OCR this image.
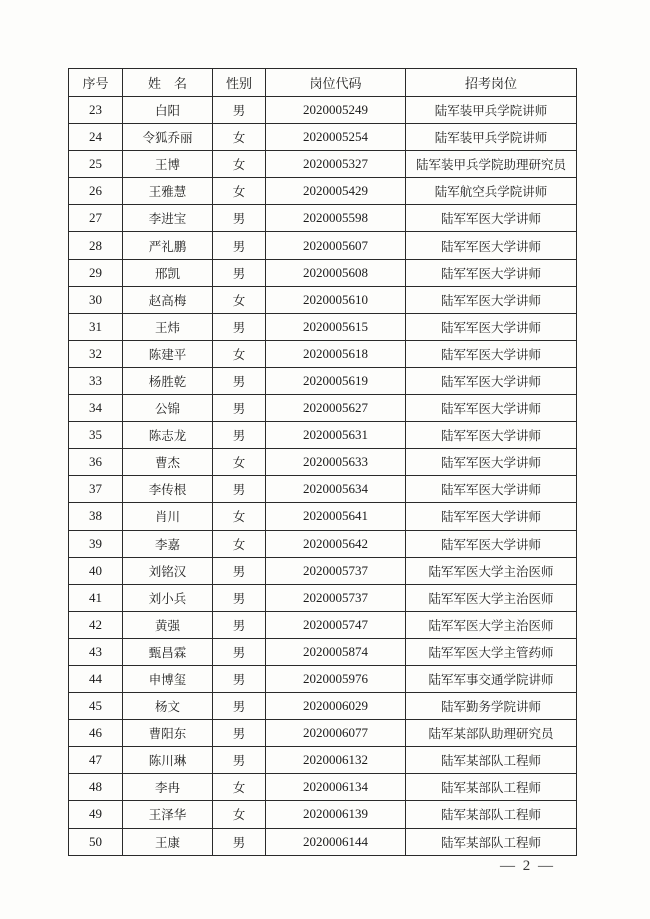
序号	姓　名	性别	岗位代码	招考岗位
23	白阳	男	2020005249	陆军装甲兵学院讲师
24	令狐乔丽	女	2020005254	陆军装甲兵学院讲师
25	王博	女	2020005327	陆军装甲兵学院助理研究员
26	王雅慧	女	2020005429	陆军航空兵学院讲师
27	李进宝	男	2020005598	陆军军医大学讲师
28	严礼鹏	男	2020005607	陆军军医大学讲师
29	邢凯	男	2020005608	陆军军医大学讲师
30	赵高梅	女	2020005610	陆军军医大学讲师
31	王炜	男	2020005615	陆军军医大学讲师
32	陈建平	女	2020005618	陆军军医大学讲师
33	杨胜乾	男	2020005619	陆军军医大学讲师
34	公锦	男	2020005627	陆军军医大学讲师
35	陈志龙	男	2020005631	陆军军医大学讲师
36	曹杰	女	2020005633	陆军军医大学讲师
37	李传根	男	2020005634	陆军军医大学讲师
38	肖川	女	2020005641	陆军军医大学讲师
39	李嘉	女	2020005642	陆军军医大学讲师
40	刘铭汉	男	2020005737	陆军军医大学主治医师
41	刘小兵	男	2020005737	陆军军医大学主治医师
42	黄强	男	2020005747	陆军军医大学主治医师
43	甄昌霖	男	2020005874	陆军军医大学主管药师
44	申博玺	男	2020005976	陆军军事交通学院讲师
45	杨文	男	2020006029	陆军勤务学院讲师
46	曹阳东	男	2020006077	陆军某部队助理研究员
47	陈川琳	男	2020006132	陆军某部队工程师
48	李冉	女	2020006134	陆军某部队工程师
49	王泽华	女	2020006139	陆军某部队工程师
50	王康	男	2020006144	陆军某部队工程师
— 2 —
